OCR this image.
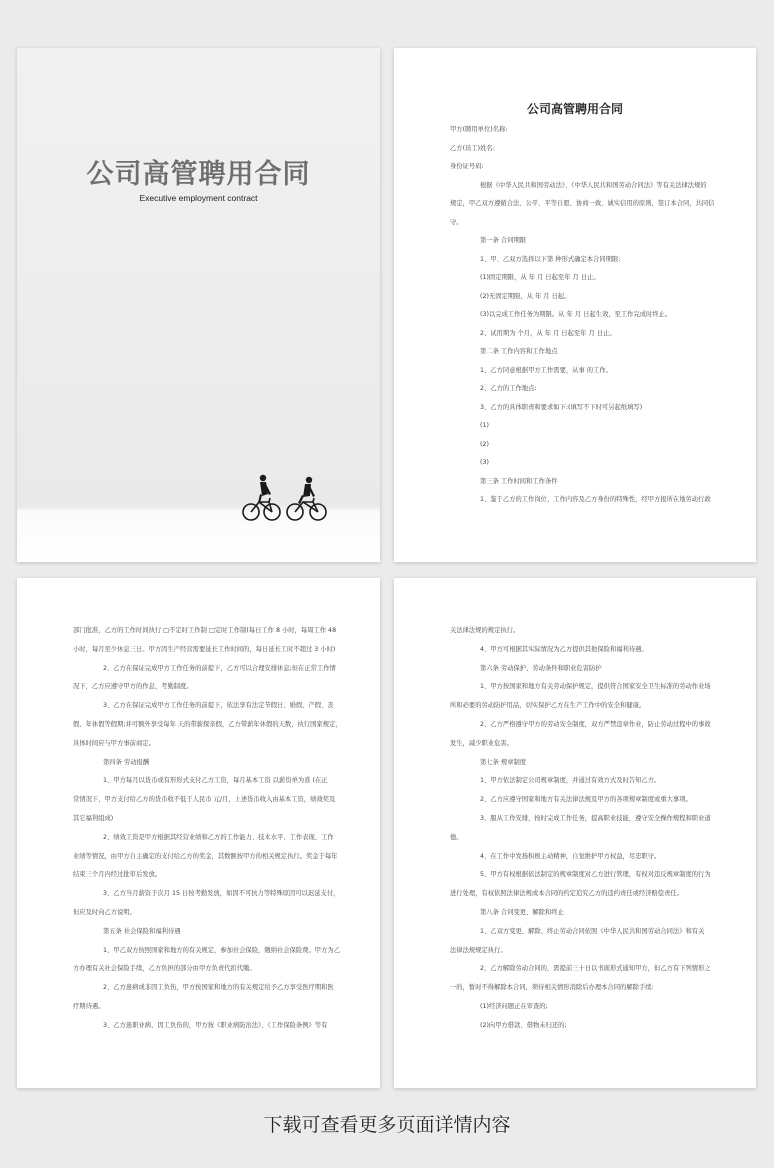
公司高管聘用合同
Executive employment contract
公司高管聘用合同
甲方(聘用单位)名称:
乙方(员工)姓名:
身份证号码:
根据《中华人民共和国劳动法》、《中华人民共和国劳动合同法》等有关法律法规的
规定，甲乙双方遵循合法、公平、平等自愿、协商一致、诚实信用的原则，签订本合同，共同信
守。
第一条 合同期限
1、甲、乙双方选择以下第 种形式确定本合同期限:
(1)固定期限，从 年 月 日起至年 月 日止。
(2)无固定期限，从 年 月 日起。
(3)以完成工作任务为期限。从 年 月 日起生效，至工作完成时终止。
2、试用期为 个月，从 年 月 日起至年 月 日止。
第二条 工作内容和工作地点
1、乙方同意根据甲方工作需要，从事 的工作。
2、乙方的工作地点:
3、乙方的具体职责和要求如下:(填写不下时可另起纸填写)
(1)
(2)
(3)
第三条 工作时间和工作条件
1、鉴于乙方的工作岗位、工作内容及乙方身份的特殊性，经甲方报所在地劳动行政
部门批准，乙方的工作时间执行 □不定时工作制 □定时工作制(每日工作 8 小时，每周工作 48
小时，每月至少休息三日。甲方因生产经营需要延长工作时间的，每日延长工时不超过 3 小时)
2、乙方在保证完成甲方工作任务的前提下，乙方可以合理安排休息;但在正常工作情
况下，乙方应遵守甲方的作息、考勤制度。
3、乙方在保证完成甲方工作任务的前提下，依法享有法定节假日、婚假、产假、丧
假、年休假等假期;并可额外享受每年 天的带薪探亲假，乙方带薪年休假的天数，执行国家规定，
具体时间应与甲方事前商定。
第四条 劳动报酬
1、甲方每月以货币或有形形式支付乙方工资，每月基本工资 以薪资单为准 (在正
常情况下，甲方支付给乙方的货币收不低于人民币 元/月，上述货币收入由基本工资，绩效奖及
其它福利组成)
2、绩效工资是甲方根据其经营业绩和乙方的工作能力、技术水平、工作表现、工作
业绩等情况，由甲方自主确定的支付给乙方的奖金，其数额按甲方的相关规定执行。奖金于每年
结束三个月内经过批审后发放。
3、乙方当月薪资于次月 15 日按考勤发放，如因不可抗力等特殊原因可以迟延支付，
但应及时向乙方说明。
第五条 社会保险和福利待遇
1、甲乙双方按照国家和地方的有关规定，参加社会保险，缴纳社会保险费。甲方为乙
方办理有关社会保险手续，乙方负担的部分由甲方负责代扣代缴。
2、乙方患病或非因工负伤，甲方按国家和地方的有关规定给予乙方享受医疗期和医
疗期待遇。
3、乙方患职业病、因工负伤的，甲方按《职业病防治法》、《工作保险条例》等有
关法律法规的规定执行。
4、甲方可根据其实际情况为乙方提供其他保险和福利待遇。
第六条 劳动保护、劳动条件和职业危害防护
1、甲方按国家和地方有关劳动保护规定，提供符合国家安全卫生标准的劳动作业场
所和必要的劳动防护用品，切实保护乙方在生产工作中的安全和健康。
2、乙方严格遵守甲方的劳动安全制度，双方严禁违章作业，防止劳动过程中的事故
发生，减少职业危害。
第七条 规章制度
1、甲方依法制定公司规章制度，并通过有效方式及时告知乙方。
2、乙方应遵守国家和地方有关法律法规及甲方的各项规章制度或重大事项。
3、服从工作安排，按时完成工作任务，提高职业技能，遵守安全操作规程和职业道
德。
4、在工作中发扬积极主动精神，自觉维护甲方权益，尽忠职守。
5、甲方有权根据依法制定的规章制度对乙方进行管理，有权对违反规章制度的行为
进行处理，有权依照法律法规或本合同的约定追究乙方的违约责任或经济赔偿责任。
第八条 合同变更、解除和终止
1、乙双方变更、解除、终止劳动合同依照《中华人民共和国劳动合同法》和有关
法律法规规定执行。
2、乙方解除劳动合同的，需提前三十日以书面形式通知甲方，但乙方有下列情形之
一的，暂时不得解除本合同，须待相关情形消除后办理本合同的解除手续:
(1)经济问题正在审查的;
(2)向甲方借款、借物未归还的;
下载可查看更多页面详情内容
